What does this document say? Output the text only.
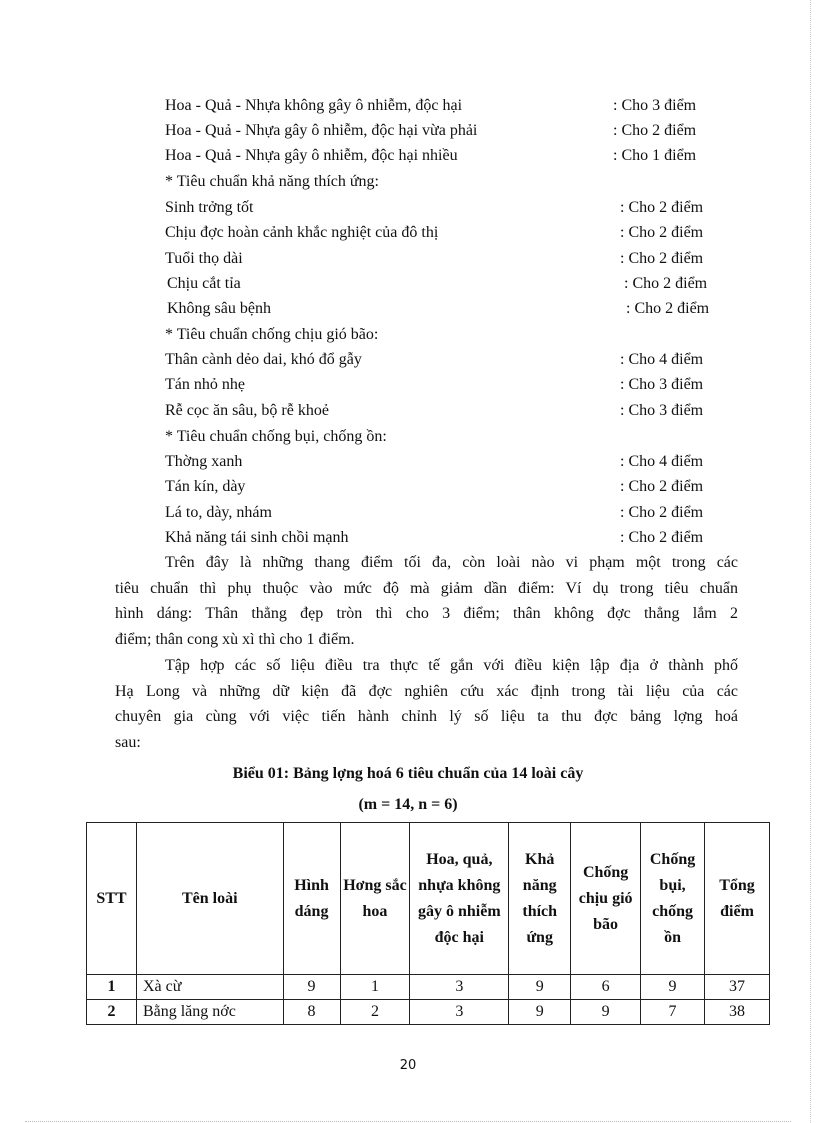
Hoa - Quả - Nhựa không gây ô nhiễm, độc hại	: Cho 3 điểm
Hoa - Quả - Nhựa gây ô nhiễm, độc hại vừa phải	: Cho 2 điểm
Hoa - Quả - Nhựa gây ô nhiễm, độc hại nhiều	: Cho 1 điểm
* Tiêu chuẩn khả năng thích ứng:
Sinh trởng tốt	: Cho 2 điểm
Chịu đợc hoàn cảnh khắc nghiệt của đô thị	: Cho 2 điểm
Tuổi thọ dài	: Cho 2 điểm
Chịu cắt tỉa	: Cho 2 điểm
Không sâu bệnh	: Cho 2 điểm
* Tiêu chuẩn chống chịu gió bão:
Thân cành dẻo dai, khó đổ gẫy	: Cho 4 điểm
Tán nhỏ nhẹ	: Cho 3 điểm
Rễ cọc ăn sâu, bộ rễ khoẻ	: Cho 3 điểm
* Tiêu chuẩn chống bụi, chống ồn:
Thờng xanh	: Cho 4 điểm
Tán kín, dày	: Cho 2 điểm
Lá to, dày, nhám	: Cho 2 điểm
Khả năng tái sinh chồi mạnh	: Cho 2 điểm
Trên đây là những thang điểm tối đa, còn loài nào vi phạm một trong các
tiêu chuẩn thì phụ thuộc vào mức độ mà giảm dần điểm: Ví dụ trong tiêu chuẩn
hình dáng: Thân thẳng đẹp tròn thì cho 3 điểm; thân không đợc thẳng lắm 2
điểm; thân cong xù xì thì cho 1 điểm.
Tập hợp các số liệu điều tra thực tế gắn với điều kiện lập địa ở thành phố
Hạ Long và những dữ kiện đã đợc nghiên cứu xác định trong tài liệu của các
chuyên gia cùng với việc tiến hành chỉnh lý số liệu ta thu đợc bảng lợng hoá
sau:
Biểu 01: Bảng lợng hoá 6 tiêu chuẩn của 14 loài cây
(m = 14, n = 6)
STT	Tên loài	Hình dáng	Hơng sắc hoa	Hoa, quả, nhựa không gây ô nhiễm độc hại	Khả năng thích ứng	Chống chịu gió bão	Chống bụi, chống ồn	Tổng điểm
1	Xà cừ	9	1	3	9	6	9	37
2	Bằng lăng nớc	8	2	3	9	9	7	38
20
